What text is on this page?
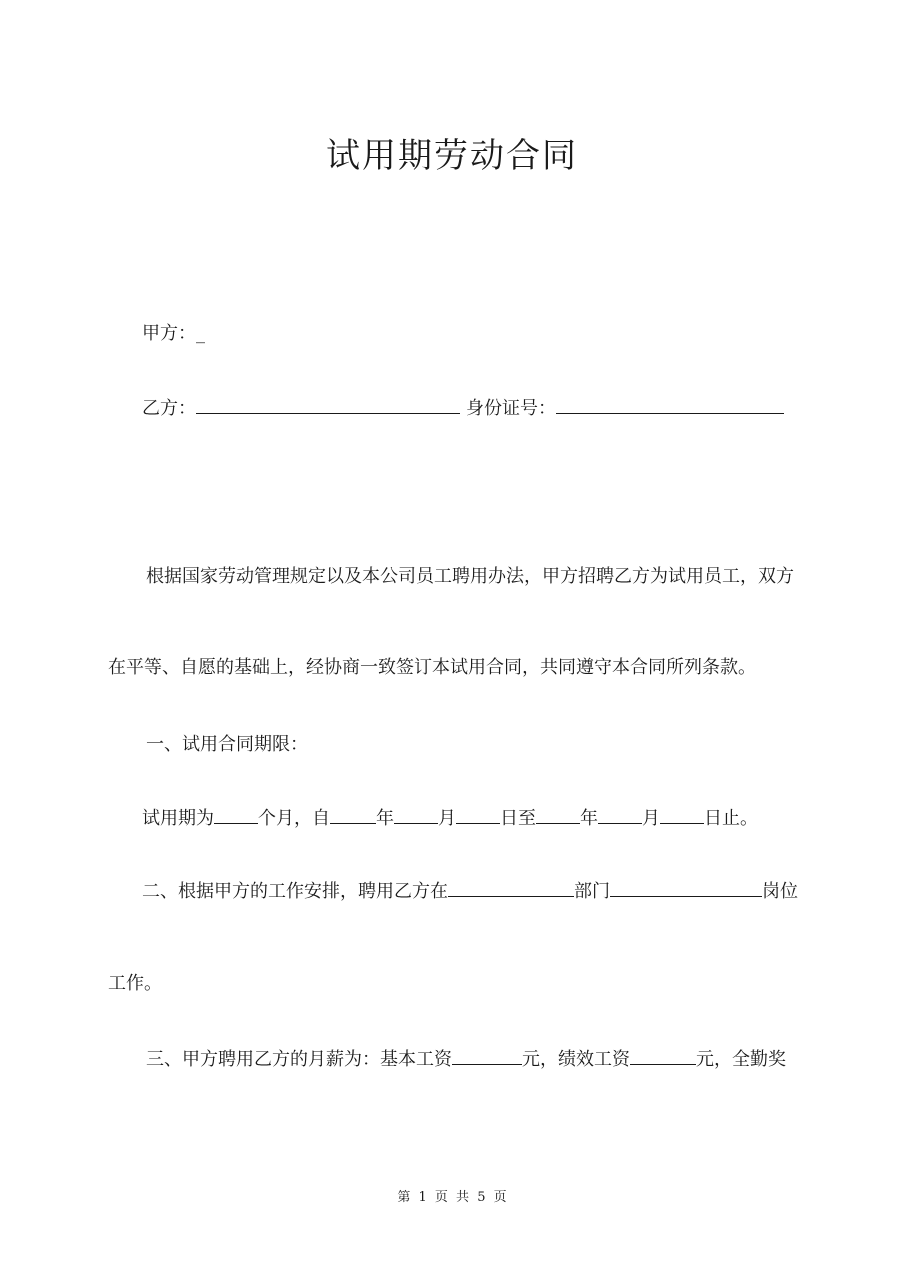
试用期劳动合同
甲方：_
乙方：	身份证号：
根据国家劳动管理规定以及本公司员工聘用办法，甲方招聘乙方为试用员工，双方
在平等、自愿的基础上，经协商一致签订本试用合同，共同遵守本合同所列条款。
一、试用合同期限：
试用期为 个月，自	年 月 日至 年 月 日止。
二、根据甲方的工作安排，聘用乙方在	部门	岗位
工作。
三、甲方聘用乙方的月薪为：基本工资	元，绩效工资	元，全勤奖
第 1 页 共 5 页
